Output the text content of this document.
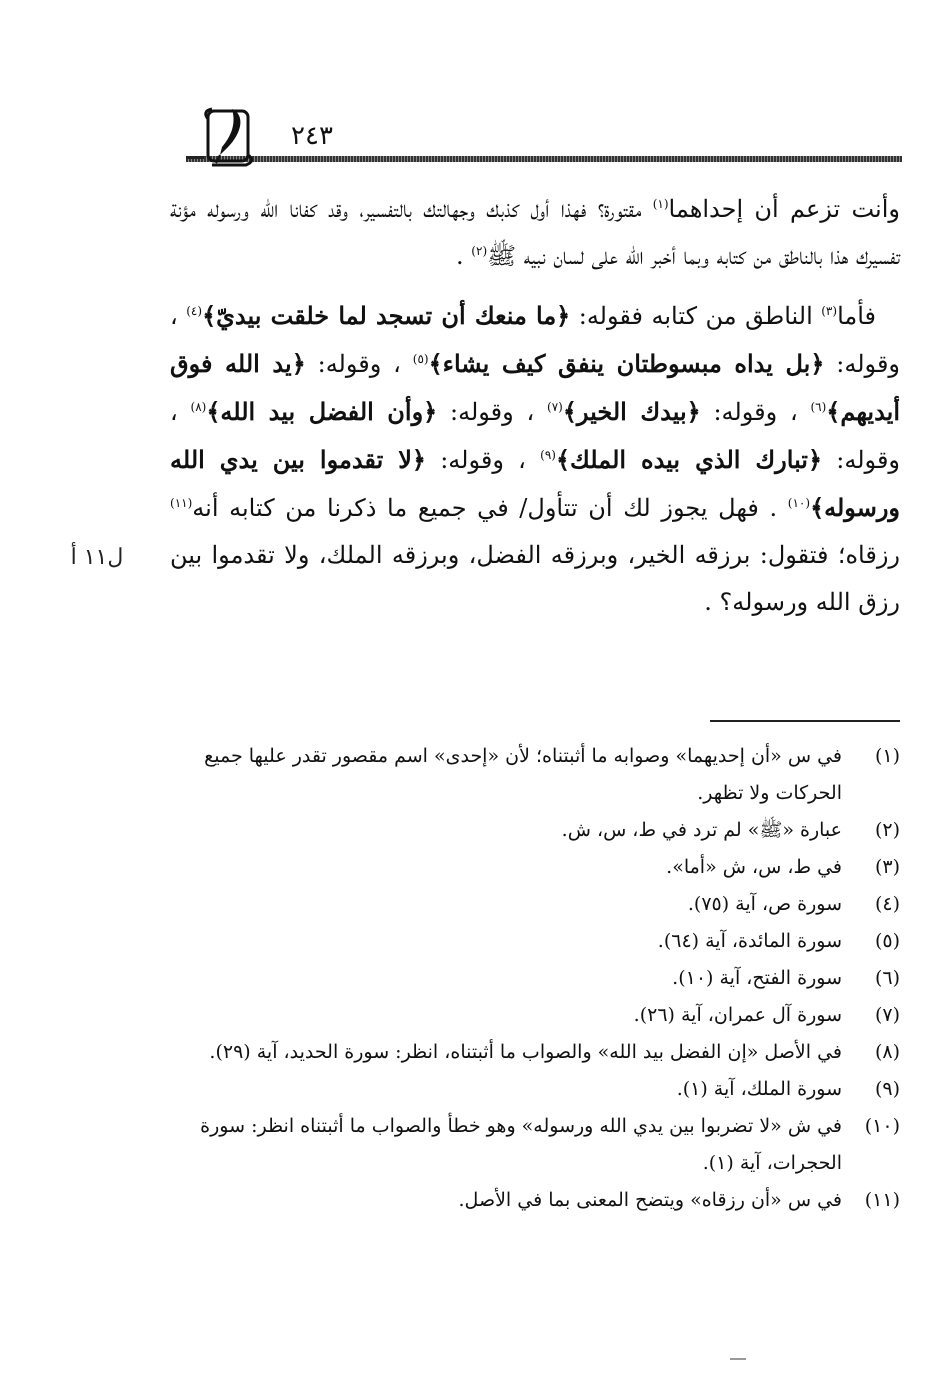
٢٤٣

وأنت تزعم أن إحداهما$^{(١)}$ مقتورة؟ فهذا أول كذبك وجهالتك بالتفسير، وقد كفانا الله ورسوله مؤنة تفسيرك هذا بالناطق من كتابه وبما أخبر الله على لسان نبيه ﷺ$^{(٢)}$ .

 فأما$^{(٣)}$ الناطق من كتابه فقوله: ﴿ما منعك أن تسجد لما خلقت بيديّ﴾$^{(٤)}$ ، وقوله: ﴿بل يداه مبسوطتان ينفق كيف يشاء﴾$^{(٥)}$ ، وقوله: ﴿يد الله فوق أيديهم﴾$^{(٦)}$ ، وقوله: ﴿بيدك الخير﴾$^{(٧)}$ ، وقوله: ﴿وأن الفضل بيد الله﴾$^{(٨)}$ ، وقوله: ﴿تبارك الذي بيده الملك﴾$^{(٩)}$ ، وقوله: ﴿لا تقدموا بين يدي الله ورسوله﴾$^{(١٠)}$ . فهل يجوز لك أن تتأول/ في جميع ما ذكرنا من كتابه أنه$^{(١١)}$ رزقاه؛ فتقول: برزقه الخير، وبرزقه الفضل، وبرزقه الملك، ولا تقدموا بين رزق الله ورسوله؟ .

ل١١ أ
(١)
في س «أن إحديهما» وصوابه ما أثبتناه؛ لأن «إحدى» اسم مقصور تقدر عليها جميع الحركات ولا تظهر.
(٢)
عبارة «ﷺ» لم ترد في ط، س، ش.
(٣)
في ط، س، ش «أما».
(٤)
سورة ص، آية (٧٥).
(٥)
سورة المائدة، آية (٦٤).
(٦)
سورة الفتح، آية (١٠).
(٧)
سورة آل عمران، آية (٢٦).
(٨)
في الأصل «إن الفضل بيد الله» والصواب ما أثبتناه، انظر: سورة الحديد، آية (٢٩).
(٩)
سورة الملك، آية (١).
(١٠)
في ش «لا تضربوا بين يدي الله ورسوله» وهو خطأ والصواب ما أثبتناه انظر: سورة الحجرات، آية (١).
(١١)
في س «أن رزقاه» ويتضح المعنى بما في الأصل.
